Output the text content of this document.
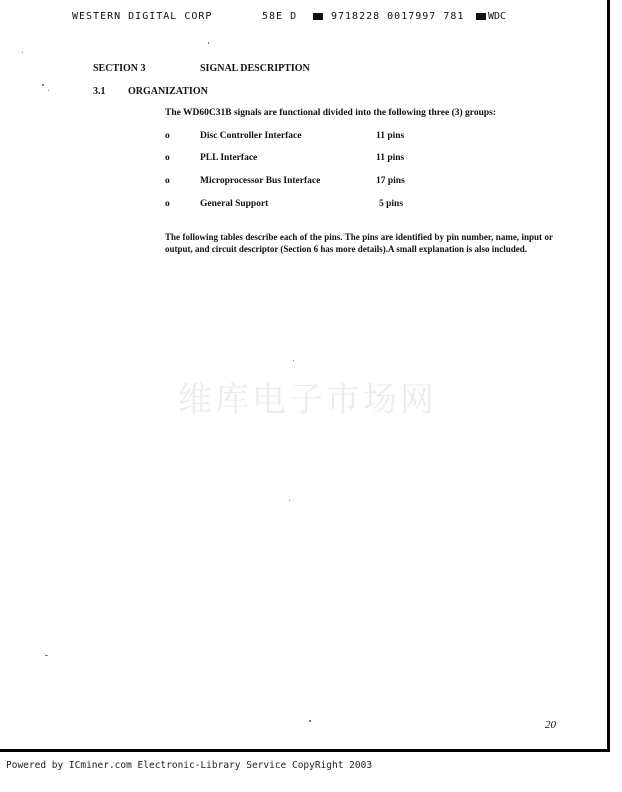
WESTERN DIGITAL CORP	58E D	9718228 0017997 781 WDC
SECTION 3	SIGNAL DESCRIPTION
3.1 ORGANIZATION
The WD60C31B signals are functional divided into the following three (3) groups:
o	Disc Controller Interface	11 pins
o	PLL Interface	11 pins
o	Microprocessor Bus Interface	17 pins
o	General Support	5 pins
The following tables describe each of the pins. The pins are identified by pin number, name, input or output, and circuit descriptor (Section 6 has more details).A small explanation is also included.
维库电子市场网
20
Powered by ICminer.com Electronic-Library Service CopyRight 2003
